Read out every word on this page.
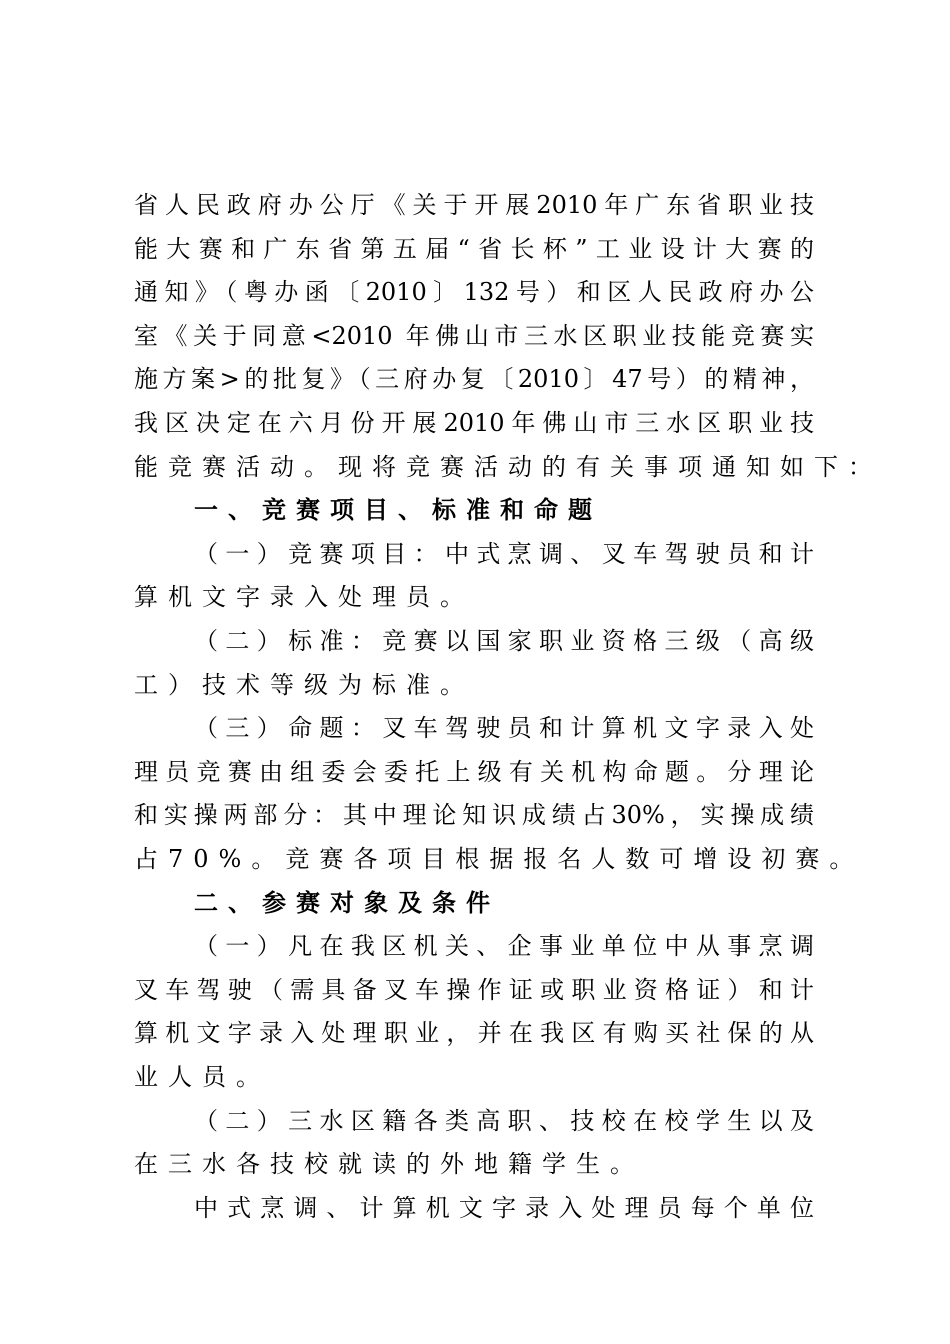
省人民政府办公厅《关于开展2010年广东省职业技
能大赛和广东省第五届“省长杯”工业设计大赛的
通知》（粤办函〔2010〕132号）和区人民政府办公
室《关于同意<2010 年佛山市三水区职业技能竞赛实
施方案>的批复》（三府办复〔2010〕47号）的精神，
我区决定在六月份开展2010年佛山市三水区职业技
能竞赛活动。现将竞赛活动的有关事项通知如下：
一、竞赛项目、标准和命题
（一）竞赛项目：中式烹调、叉车驾驶员和计
算机文字录入处理员。
（二）标准：竞赛以国家职业资格三级（高级
工）技术等级为标准。
（三）命题：叉车驾驶员和计算机文字录入处
理员竞赛由组委会委托上级有关机构命题。分理论
和实操两部分：其中理论知识成绩占30%，实操成绩
占70%。竞赛各项目根据报名人数可增设初赛。
二、参赛对象及条件
（一）凡在我区机关、企事业单位中从事烹调
叉车驾驶（需具备叉车操作证或职业资格证）和计
算机文字录入处理职业，并在我区有购买社保的从
业人员。
（二）三水区籍各类高职、技校在校学生以及
在三水各技校就读的外地籍学生。
中式烹调、计算机文字录入处理员每个单位
